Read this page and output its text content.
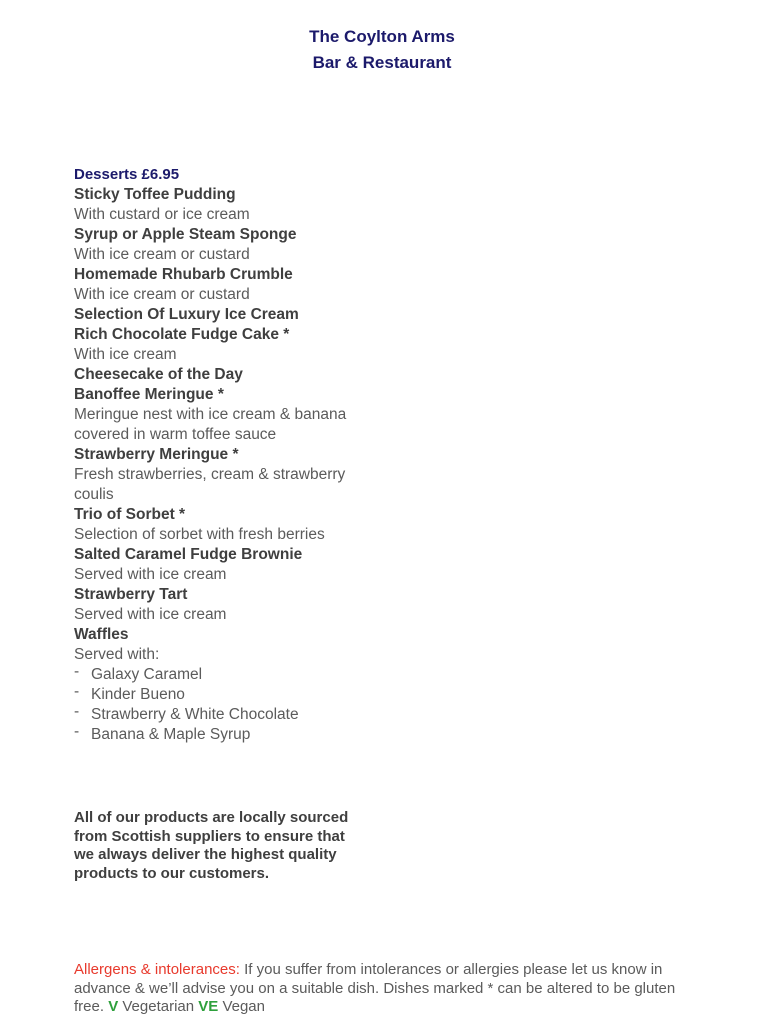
The Coylton Arms
Bar & Restaurant
Desserts £6.95
Sticky Toffee Pudding
With custard or ice cream
Syrup or Apple Steam Sponge
With ice cream or custard
Homemade Rhubarb Crumble
With ice cream or custard
Selection Of Luxury Ice Cream
Rich Chocolate Fudge Cake *
With ice cream
Cheesecake of the Day
Banoffee Meringue *
Meringue nest with ice cream & banana covered in warm toffee sauce
Strawberry Meringue *
Fresh strawberries, cream & strawberry coulis
Trio of Sorbet *
Selection of sorbet with fresh berries
Salted Caramel Fudge Brownie
Served with ice cream
Strawberry Tart
Served with ice cream
Waffles
Served with:
- Galaxy Caramel
- Kinder Bueno
- Strawberry & White Chocolate
- Banana & Maple Syrup
All of our products are locally sourced from Scottish suppliers to ensure that we always deliver the highest quality products to our customers.
Allergens & intolerances: If you suffer from intolerances or allergies please let us know in advance & we’ll advise you on a suitable dish. Dishes marked * can be altered to be gluten free. V Vegetarian VE Vegan
